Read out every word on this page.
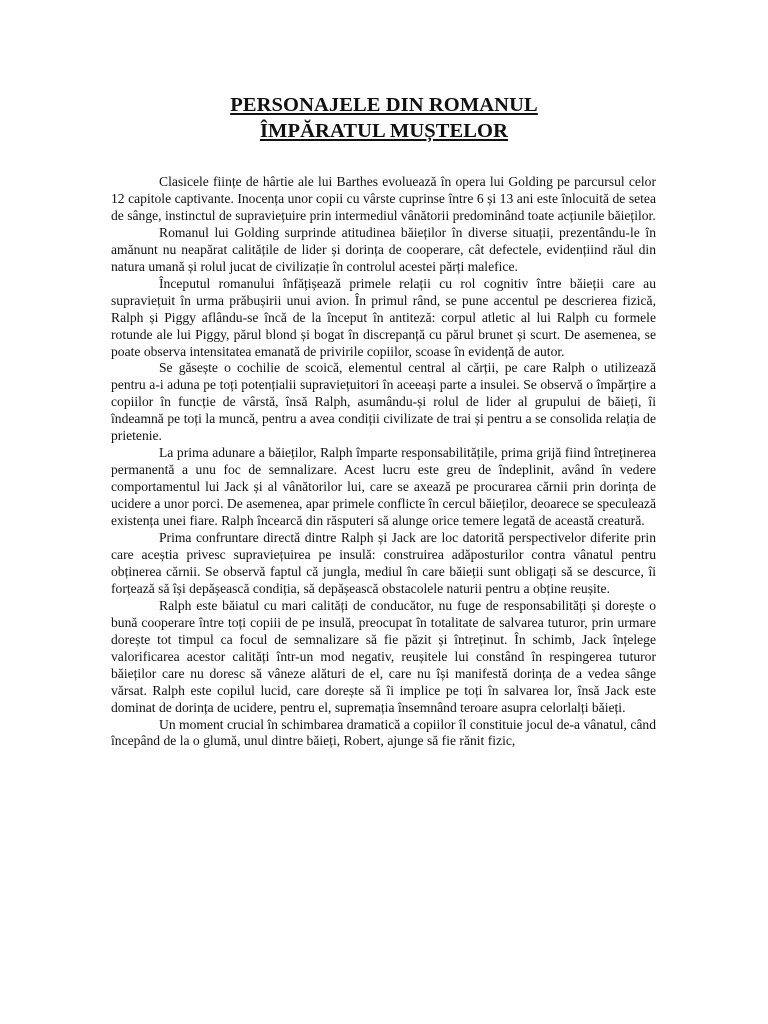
PERSONAJELE DIN ROMANUL
ÎMPĂRATUL MUȘTELOR

Clasicele ființe de hârtie ale lui Barthes evoluează în opera lui Golding pe parcursul celor 12 capitole captivante. Inocența unor copii cu vârste cuprinse între 6 și 13 ani este înlocuită de setea de sânge, instinctul de supraviețuire prin intermediul vânătorii predominând toate acțiunile băieților.

Romanul lui Golding surprinde atitudinea băieților în diverse situații, prezentându-le în amănunt nu neapărat calitățile de lider și dorința de cooperare, cât defectele, evidențiind răul din natura umană și rolul jucat de civilizație în controlul acestei părți malefice.

Începutul romanului înfățișează primele relații cu rol cognitiv între băieții care au supraviețuit în urma prăbușirii unui avion. În primul rând, se pune accentul pe descrierea fizică, Ralph și Piggy aflându-se încă de la început în antiteză: corpul atletic al lui Ralph cu formele rotunde ale lui Piggy, părul blond și bogat în discrepanță cu părul brunet și scurt. De asemenea, se poate observa intensitatea emanată de privirile copiilor, scoase în evidență de autor.

Se găsește o cochilie de scoică, elementul central al cărții, pe care Ralph o utilizează pentru a-i aduna pe toți potențialii supraviețuitori în aceeași parte a insulei. Se observă o împărțire a copiilor în funcție de vârstă, însă Ralph, asumându-și rolul de lider al grupului de băieți, îi îndeamnă pe toți la muncă, pentru a avea condiții civilizate de trai și pentru a se consolida relația de prietenie.

La prima adunare a băieților, Ralph împarte responsabilitățile, prima grijă fiind întreținerea permanentă a unu foc de semnalizare. Acest lucru este greu de îndeplinit, având în vedere comportamentul lui Jack și al vânătorilor lui, care se axează pe procurarea cărnii prin dorința de ucidere a unor porci. De asemenea, apar primele conflicte în cercul băieților, deoarece se speculează existența unei fiare. Ralph încearcă din răsputeri să alunge orice temere legată de această creatură.

Prima confruntare directă dintre Ralph și Jack are loc datorită perspectivelor diferite prin care aceștia privesc supraviețuirea pe insulă: construirea adăposturilor contra vânatul pentru obținerea cărnii. Se observă faptul că jungla, mediul în care băieții sunt obligați să se descurce, îi forțează să își depășească condiția, să depășească obstacolele naturii pentru a obține reușite.

Ralph este băiatul cu mari calități de conducător, nu fuge de responsabilități și dorește o bună cooperare între toți copiii de pe insulă, preocupat în totalitate de salvarea tuturor, prin urmare dorește tot timpul ca focul de semnalizare să fie păzit și întreținut. În schimb, Jack înțelege valorificarea acestor calități într-un mod negativ, reușitele lui constând în respingerea tuturor băieților care nu doresc să vâneze alături de el, care nu își manifestă dorința de a vedea sânge vărsat. Ralph este copilul lucid, care dorește să îi implice pe toți în salvarea lor, însă Jack este dominat de dorința de ucidere, pentru el, supremația însemnând teroare asupra celorlalți băieți.

Un moment crucial în schimbarea dramatică a copiilor îl constituie jocul de-a vânatul, când începând de la o glumă, unul dintre băieți, Robert, ajunge să fie rănit fizic,
